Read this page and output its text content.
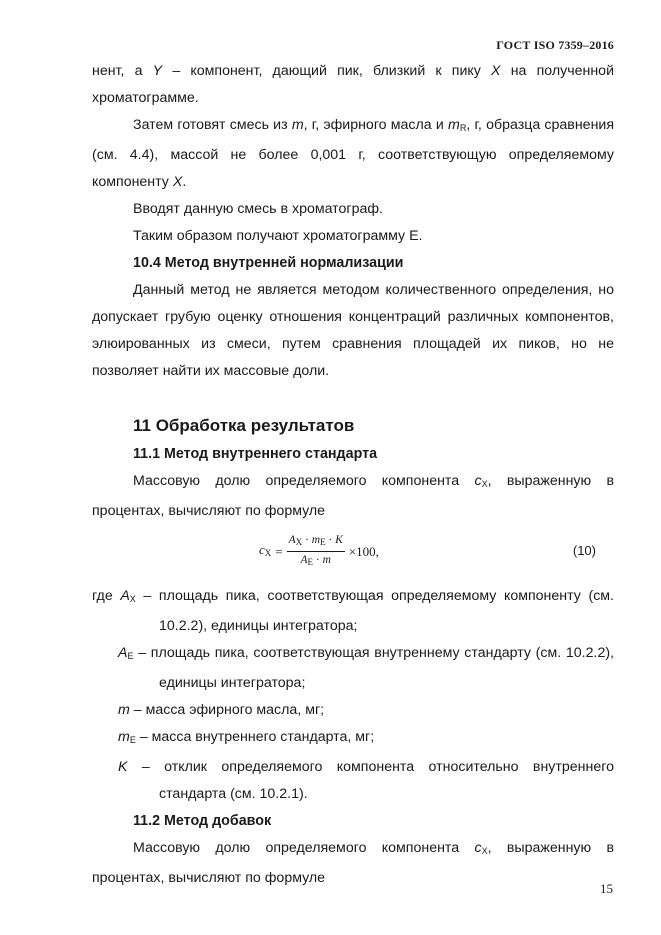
ГОСТ ISO 7359–2016

нент, а Y – компонент, дающий пик, близкий к пику X на полученной хроматограмме.

Затем готовят смесь из m, г, эфирного масла и $m_R$, г, образца сравнения (см. 4.4), массой не более 0,001 г, соответствующую определяемому компоненту X.

Вводят данную смесь в хроматограф.

Таким образом получают хроматограмму E.

10.4 Метод внутренней нормализации

Данный метод не является методом количественного определения, но допускает грубую оценку отношения концентраций различных компонентов, элюированных из смеси, путем сравнения площадей их пиков, но не позволяет найти их массовые доли.

11 Обработка результатов

11.1 Метод внутреннего стандарта

Массовую долю определяемого компонента $c_X$, выраженную в процентах, вычисляют по формуле

$c_X = \frac{A_X \cdot m_E \cdot K}{A_E \cdot m} \times 100$,	(10)

где $A_X$ – площадь пика, соответствующая определяемому компоненту (см. 10.2.2), единицы интегратора;

$A_E$ – площадь пика, соответствующая внутреннему стандарту (см. 10.2.2), единицы интегратора;

m – масса эфирного масла, мг;

$m_E$ – масса внутреннего стандарта, мг;

K – отклик определяемого компонента относительно внутреннего стандарта (см. 10.2.1).

11.2 Метод добавок

Массовую долю определяемого компонента $c_X$, выраженную в процентах, вычисляют по формуле

15
